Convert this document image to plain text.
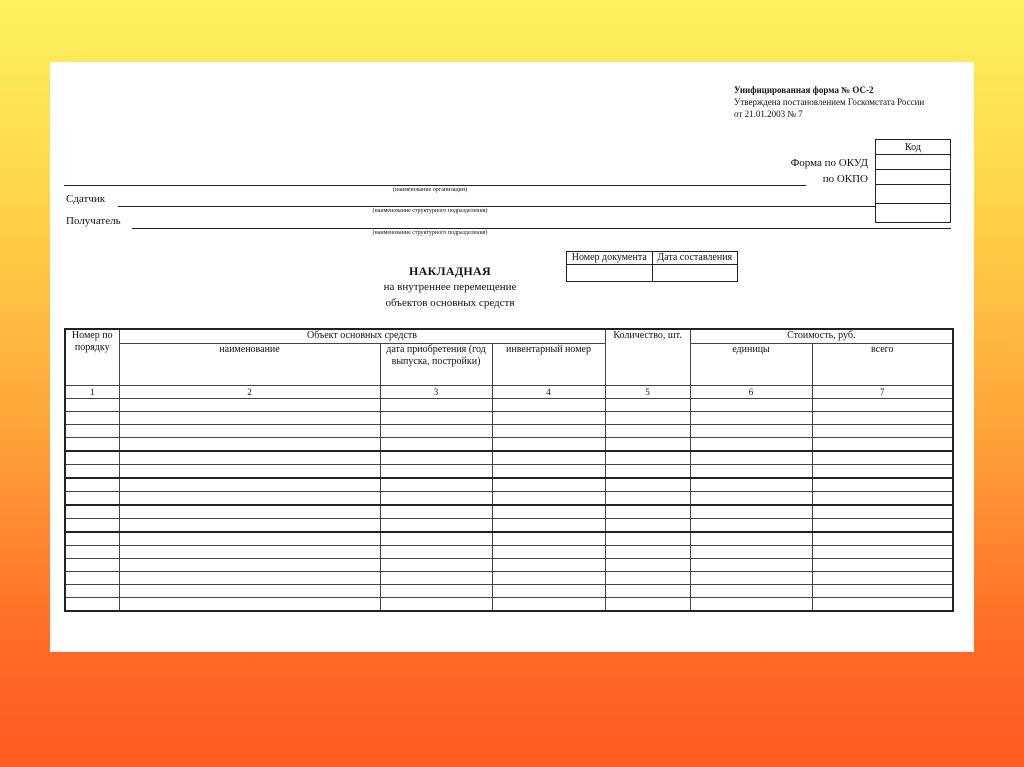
Унифицированная форма № ОС-2
Утверждена постановлением Госкомстата России
от 21.01.2003 № 7
Форма по ОКУД
по ОКПО
Код

(наименование организации)
Сдатчик
(наименование структурного подразделения)
Получатель
(наименование структурного подразделения)
Номер документа	Дата составления

НАКЛАДНАЯ
на внутреннее перемещение
объектов основных средств
Номер по порядку	Объект основных средств			Количество, шт.	Стоимость, руб.	
	наименование	дата приобретения (год выпуска, постройки)	инвентарный номер		единицы	всего
1	2	3	4	5	6	7
